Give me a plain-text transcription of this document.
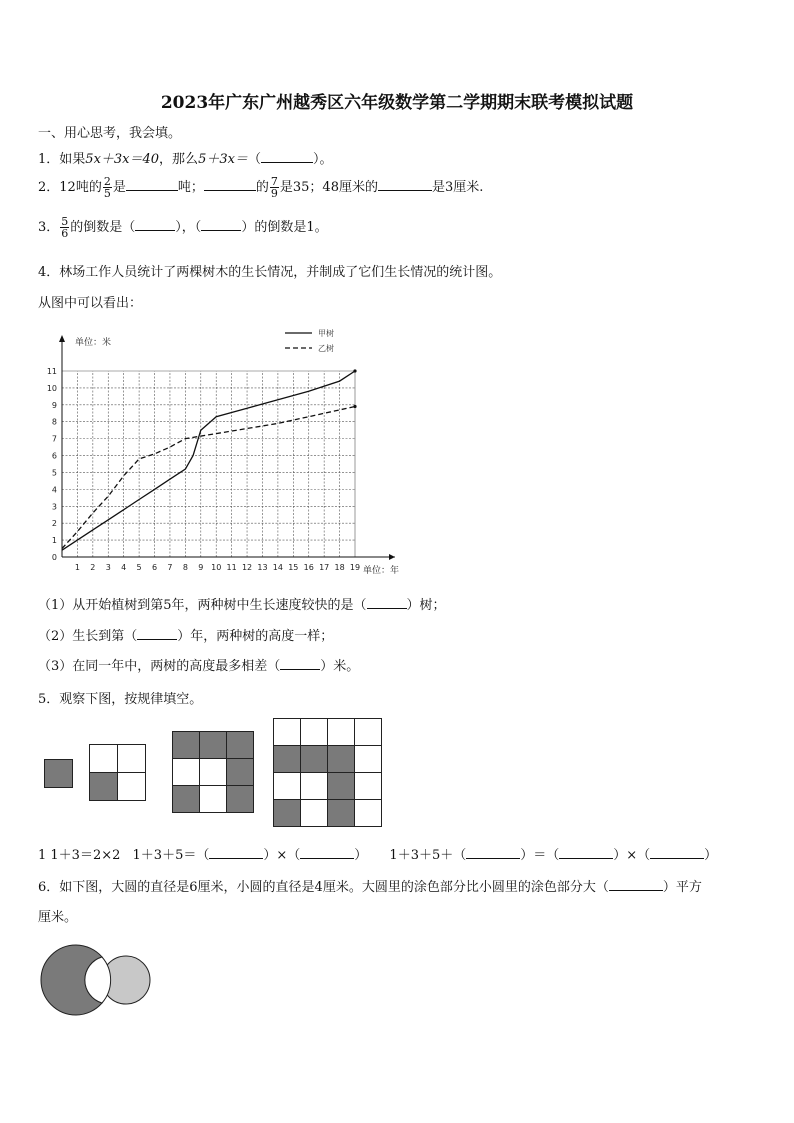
2023年广东广州越秀区六年级数学第二学期期末联考模拟试题
一、用心思考，我会填。
1．如果5x＋3x＝40，那么5＋3x＝（	）。
2．12吨的 $\frac{2}{5}$ 是	吨；	的 $\frac{7}{9}$ 是35；48厘米的	是3厘米.
3． $\frac{5}{6}$ 的倒数是（	），（	）的倒数是1。
4．林场工作人员统计了两棵树木的生长情况，并制成了它们生长情况的统计图。
从图中可以看出：
1 2 3 4 5 6 7 8 9 10 11 12 13 14 15 16 17 18 19
0
1
2
3
4
5
6
7
8
9
10
11
单位：米
单位：年
甲树
乙树
（1）从开始植树到第5年，两种树中生长速度较快的是（	）树；
（2）生长到第（	）年，两种树的高度一样；
（3）在同一年中，两树的高度最多相差（	）米。
5．观察下图，按规律填空。
1 1＋3＝2×2 1＋3＋5＝（	）×（	） 1＋3＋5＋（	）＝（	）×（	）
6．如下图，大圆的直径是6厘米，小圆的直径是4厘米。大圆里的涂色部分比小圆里的涂色部分大（	）平方
厘米。
